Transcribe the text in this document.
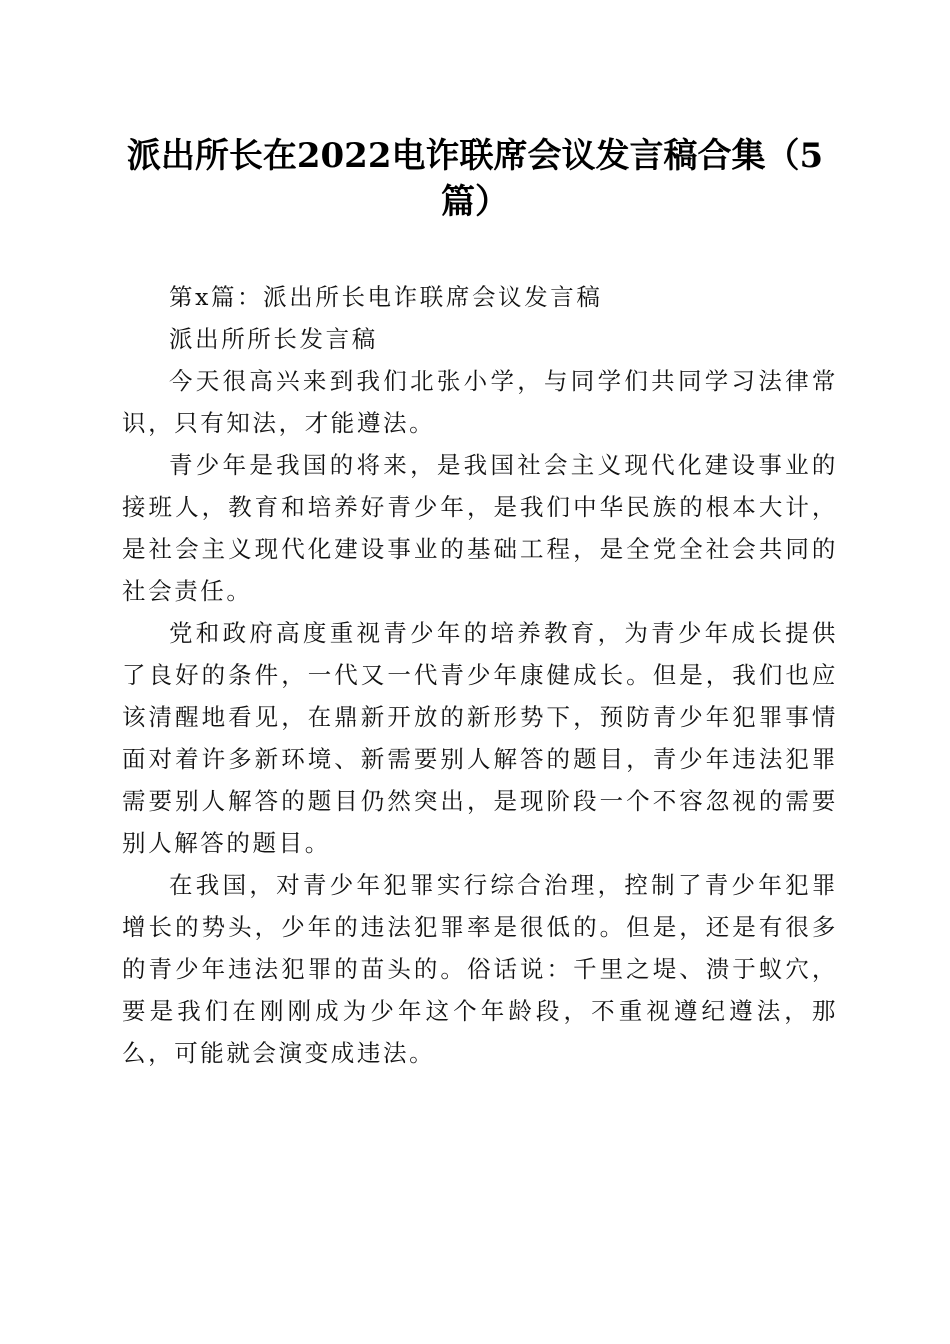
派出所长在2022电诈联席会议发言稿合集（5篇）

第x篇：派出所长电诈联席会议发言稿

派出所所长发言稿

今天很高兴来到我们北张小学，与同学们共同学习法律常识，只有知法，才能遵法。

青少年是我国的将来，是我国社会主义现代化建设事业的接班人，教育和培养好青少年，是我们中华民族的根本大计，是社会主义现代化建设事业的基础工程，是全党全社会共同的社会责任。

党和政府高度重视青少年的培养教育，为青少年成长提供了良好的条件，一代又一代青少年康健成长。但是，我们也应该清醒地看见，在鼎新开放的新形势下，预防青少年犯罪事情面对着许多新环境、新需要别人解答的题目，青少年违法犯罪需要别人解答的题目仍然突出，是现阶段一个不容忽视的需要别人解答的题目。

在我国，对青少年犯罪实行综合治理，控制了青少年犯罪增长的势头，少年的违法犯罪率是很低的。但是，还是有很多的青少年违法犯罪的苗头的。俗话说：千里之堤、溃于蚁穴，要是我们在刚刚成为少年这个年龄段，不重视遵纪遵法，那么，可能就会演变成违法。
